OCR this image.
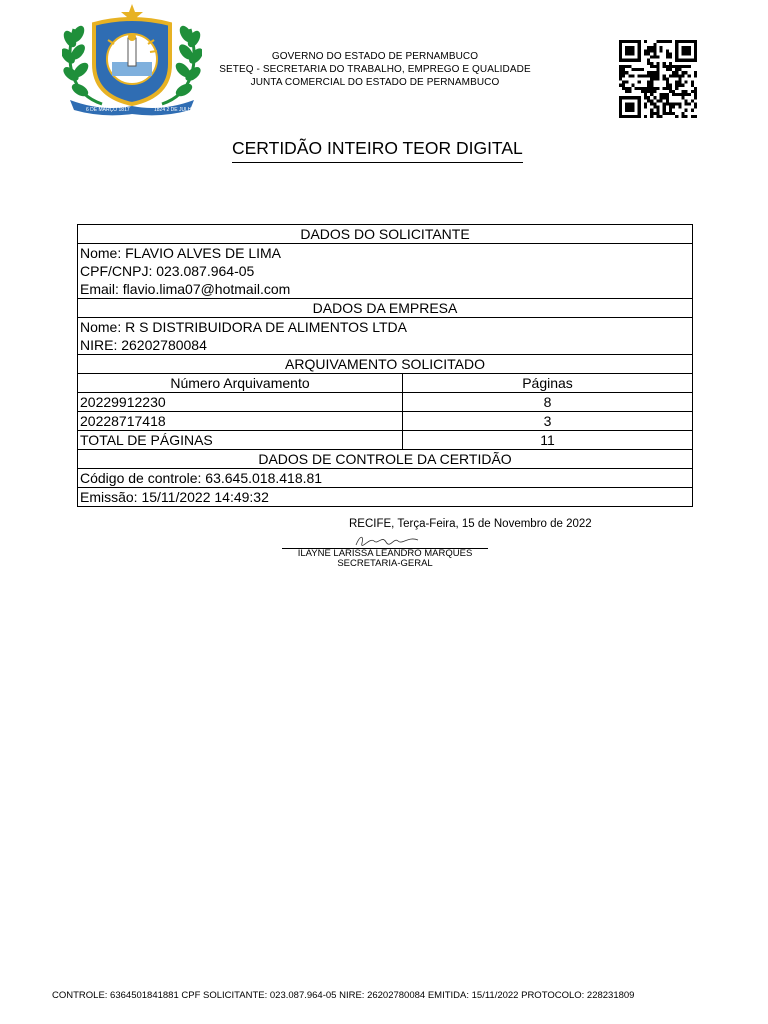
6 DE MARÇO 1817	1824 2 DE JULHO
GOVERNO DO ESTADO DE PERNAMBUCO
SETEQ - SECRETARIA DO TRABALHO, EMPREGO E QUALIDADE
JUNTA COMERCIAL DO ESTADO DE PERNAMBUCO
CERTIDÃO INTEIRO TEOR DIGITAL
DADOS DO SOLICITANTE	
Nome: FLAVIO ALVES DE LIMA	
CPF/CNPJ: 023.087.964-05	
Email: flavio.lima07@hotmail.com	
DADOS DA EMPRESA	
Nome: R S DISTRIBUIDORA DE ALIMENTOS LTDA	
NIRE: 26202780084	
ARQUIVAMENTO SOLICITADO	
Número Arquivamento	Páginas
20229912230	8
20228717418	3
TOTAL DE PÁGINAS	11
DADOS DE CONTROLE DA CERTIDÃO	
Código de controle: 63.645.018.418.81	
Emissão: 15/11/2022 14:49:32	
RECIFE, Terça-Feira, 15 de Novembro de 2022
ILAYNE LARISSA LEANDRO MARQUES
SECRETARIA-GERAL
CONTROLE: 6364501841881 CPF SOLICITANTE: 023.087.964-05 NIRE: 26202780084 EMITIDA: 15/11/2022 PROTOCOLO: 228231809
